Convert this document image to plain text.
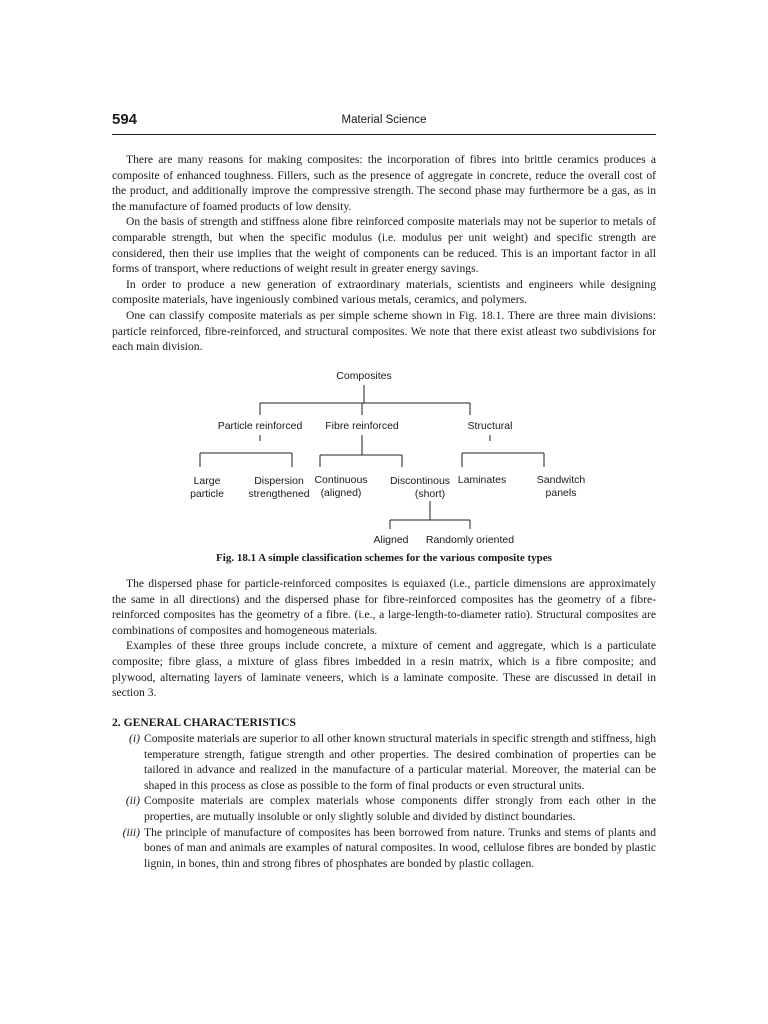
594	Material Science

There are many reasons for making composites: the incorporation of fibres into brittle ceramics produces a composite of enhanced toughness. Fillers, such as the presence of aggregate in concrete, reduce the overall cost of the product, and additionally improve the compressive strength. The second phase may furthermore be a gas, as in the manufacture of foamed products of low density.

On the basis of strength and stiffness alone fibre reinforced composite materials may not be superior to metals of comparable strength, but when the specific modulus (i.e. modulus per unit weight) and specific strength are considered, then their use implies that the weight of components can be reduced. This is an important factor in all forms of transport, where reductions of weight result in greater energy savings.

In order to produce a new generation of extraordinary materials, scientists and engineers while designing composite materials, have ingeniously combined various metals, ceramics, and polymers.

One can classify composite materials as per simple scheme shown in Fig. 18.1. There are three main divisions: particle reinforced, fibre-reinforced, and structural composites. We note that there exist atleast two subdivisions for each main division.

Composites
Particle reinforced Fibre reinforced	Structural
Large
particle
Dispersion
strengthened
Continuous
(aligned)
Discontinous
(short)
Laminates	Sandwitch
panels
Aligned Randomly oriented
Fig. 18.1 A simple classification schemes for the various composite types

The dispersed phase for particle-reinforced composites is equiaxed (i.e., particle dimensions are approximately the same in all directions) and the dispersed phase for fibre-reinforced composites has the geometry of a fibre-reinforced composites has the geometry of a fibre. (i.e., a large-length-to-diameter ratio). Structural composites are combinations of composites and homogeneous materials.

Examples of these three groups include concrete, a mixture of cement and aggregate, which is a particulate composite; fibre glass, a mixture of glass fibres imbedded in a resin matrix, which is a fibre composite; and plywood, alternating layers of laminate veneers, which is a laminate composite. These are discussed in detail in section 3.

2. GENERAL CHARACTERISTICS
(i) Composite materials are superior to all other known structural materials in specific strength and stiffness, high temperature strength, fatigue strength and other properties. The desired combination of properties can be tailored in advance and realized in the manufacture of a particular material. Moreover, the material can be shaped in this process as close as possible to the form of final products or even structural units.

(ii) Composite materials are complex materials whose components differ strongly from each other in the properties, are mutually insoluble or only slightly soluble and divided by distinct boundaries.

(iii) The principle of manufacture of composites has been borrowed from nature. Trunks and stems of plants and bones of man and animals are examples of natural composites. In wood, cellulose fibres are bonded by plastic lignin, in bones, thin and strong fibres of phosphates are bonded by plastic collagen.
